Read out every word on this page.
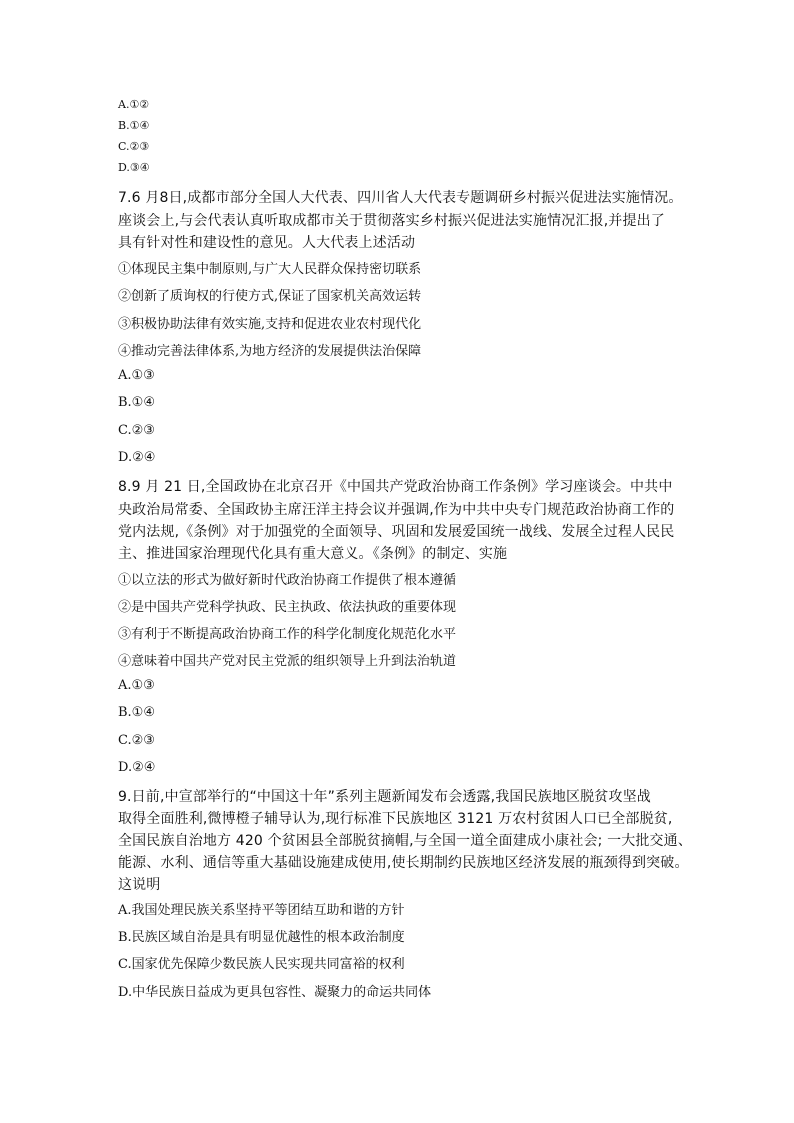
A.①②
B.①④
C.②③
D.③④
7.6 月8日,成都市部分全国人大代表、四川省人大代表专题调研乡村振兴促进法实施情况。
座谈会上,与会代表认真听取成都市关于贯彻落实乡村振兴促进法实施情况汇报,并提出了
具有针对性和建设性的意见。人大代表上述活动
①体现民主集中制原则,与广大人民群众保持密切联系
②创新了质询权的行使方式,保证了国家机关高效运转
③积极协助法律有效实施,支持和促进农业农村现代化
④推动完善法律体系,为地方经济的发展提供法治保障
A.①③
B.①④
C.②③
D.②④
8.9 月 21 日,全国政协在北京召开《中国共产党政治协商工作条例》学习座谈会。中共中
央政治局常委、全国政协主席汪洋主持会议并强调,作为中共中央专门规范政治协商工作的
党内法规,《条例》对于加强党的全面领导、巩固和发展爱国统一战线、发展全过程人民民
主、推进国家治理现代化具有重大意义。《条例》的制定、实施
①以立法的形式为做好新时代政治协商工作提供了根本遵循
②是中国共产党科学执政、民主执政、依法执政的重要体现
③有利于不断提高政治协商工作的科学化制度化规范化水平
④意味着中国共产党对民主党派的组织领导上升到法治轨道
A.①③
B.①④
C.②③
D.②④
9.日前,中宣部举行的“中国这十年”系列主题新闻发布会透露,我国民族地区脱贫攻坚战
取得全面胜利,微博橙子辅导认为,现行标准下民族地区 3121 万农村贫困人口已全部脱贫,
全国民族自治地方 420 个贫困县全部脱贫摘帽,与全国一道全面建成小康社会; 一大批交通、
能源、水利、通信等重大基础设施建成使用,使长期制约民族地区经济发展的瓶颈得到突破。
这说明
A.我国处理民族关系坚持平等团结互助和谐的方针
B.民族区域自治是具有明显优越性的根本政治制度
C.国家优先保障少数民族人民实现共同富裕的权利
D.中华民族日益成为更具包容性、凝聚力的命运共同体
